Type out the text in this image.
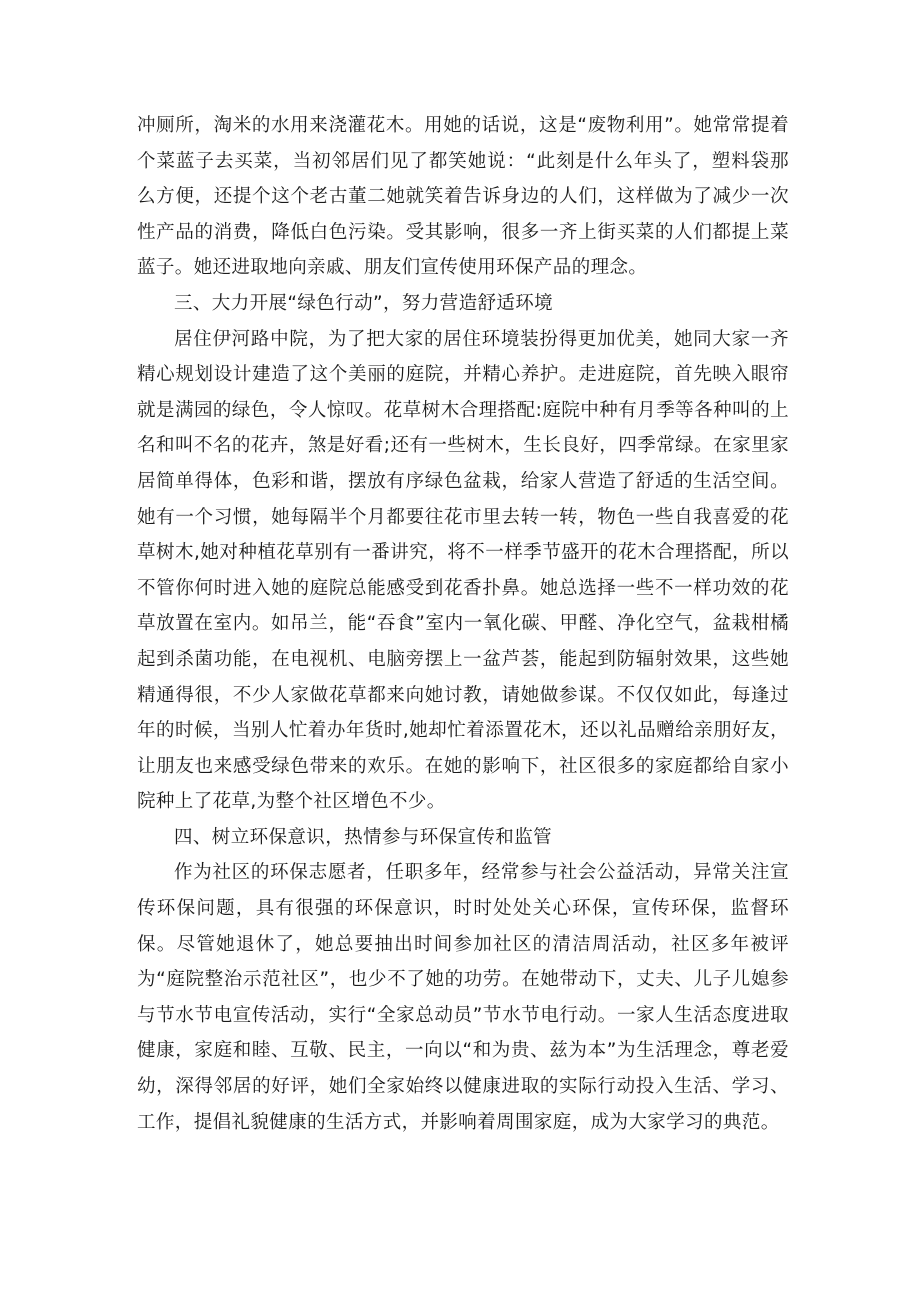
冲厕所，淘米的水用来浇灌花木。用她的话说，这是“废物利用”。她常常提着个菜蓝子去买菜，当初邻居们见了都笑她说：“此刻是什么年头了，塑料袋那么方便，还提个这个老古董二她就笑着告诉身边的人们，这样做为了减少一次性产品的消费，降低白色污染。受其影响，很多一齐上街买菜的人们都提上菜蓝子。她还进取地向亲戚、朋友们宣传使用环保产品的理念。

三、大力开展“绿色行动”，努力营造舒适环境

居住伊河路中院，为了把大家的居住环境装扮得更加优美，她同大家一齐精心规划设计建造了这个美丽的庭院，并精心养护。走进庭院，首先映入眼帘就是满园的绿色，令人惊叹。花草树木合理搭配:庭院中种有月季等各种叫的上名和叫不名的花卉，煞是好看;还有一些树木，生长良好，四季常绿。在家里家居简单得体，色彩和谐，摆放有序绿色盆栽，给家人营造了舒适的生活空间。她有一个习惯，她每隔半个月都要往花市里去转一转，物色一些自我喜爱的花草树木,她对种植花草别有一番讲究，将不一样季节盛开的花木合理搭配，所以不管你何时进入她的庭院总能感受到花香扑鼻。她总选择一些不一样功效的花草放置在室内。如吊兰，能“吞食”室内一氧化碳、甲醛、净化空气，盆栽柑橘起到杀菌功能，在电视机、电脑旁摆上一盆芦荟，能起到防辐射效果，这些她精通得很，不少人家做花草都来向她讨教，请她做参谋。不仅仅如此，每逢过年的时候，当别人忙着办年货时,她却忙着添置花木，还以礼品赠给亲朋好友，让朋友也来感受绿色带来的欢乐。在她的影响下，社区很多的家庭都给自家小院种上了花草,为整个社区增色不少。

四、树立环保意识，热情参与环保宣传和监管

作为社区的环保志愿者，任职多年，经常参与社会公益活动，异常关注宣传环保问题，具有很强的环保意识，时时处处关心环保，宣传环保，监督环保。尽管她退休了，她总要抽出时间参加社区的清洁周活动，社区多年被评为“庭院整治示范社区”，也少不了她的功劳。在她带动下，丈夫、儿子儿媳参与节水节电宣传活动，实行“全家总动员”节水节电行动。一家人生活态度进取健康，家庭和睦、互敬、民主，一向以“和为贵、兹为本”为生活理念，尊老爱幼，深得邻居的好评，她们全家始终以健康进取的实际行动投入生活、学习、工作，提倡礼貌健康的生活方式，并影响着周围家庭，成为大家学习的典范。
